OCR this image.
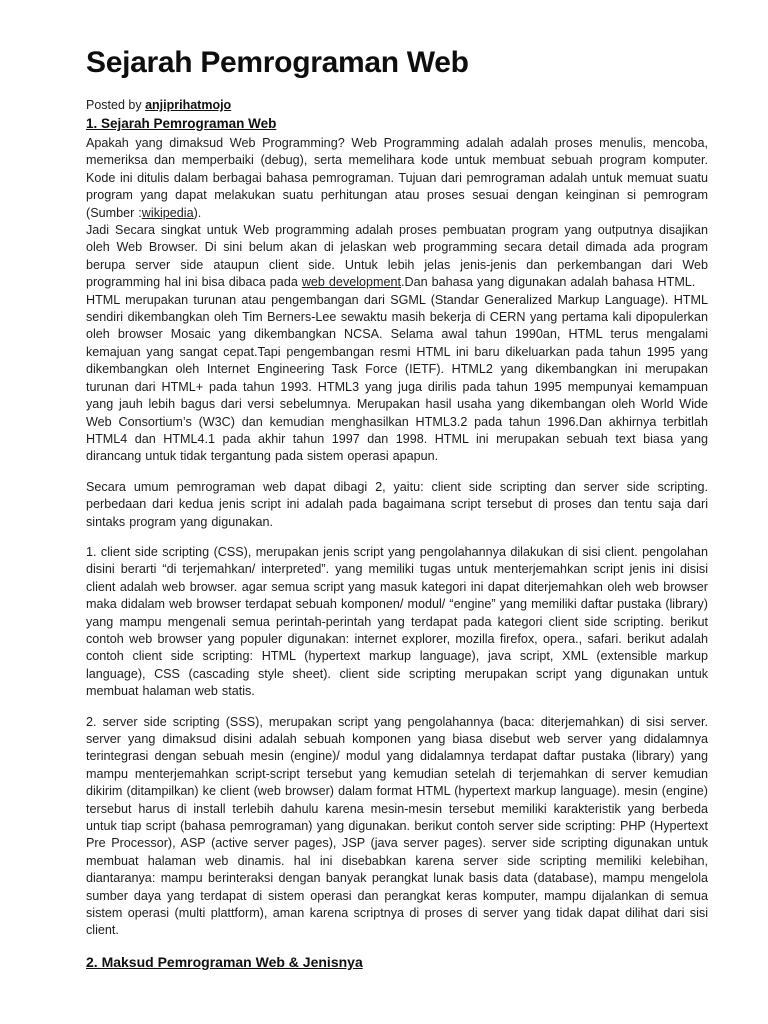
Sejarah Pemrograman Web
Posted by anjiprihatmojo
1. Sejarah Pemrograman Web

Apakah yang dimaksud Web Programming? Web Programming adalah adalah proses menulis, mencoba, memeriksa dan memperbaiki (debug), serta memelihara kode untuk membuat sebuah program komputer. Kode ini ditulis dalam berbagai bahasa pemrograman. Tujuan dari pemrograman adalah untuk memuat suatu program yang dapat melakukan suatu perhitungan atau proses sesuai dengan keinginan si pemrogram (Sumber :wikipedia).

Jadi Secara singkat untuk Web programming adalah proses pembuatan program yang outputnya disajikan oleh Web Browser. Di sini belum akan di jelaskan web programming secara detail dimada ada program berupa server side ataupun client side. Untuk lebih jelas jenis-jenis dan perkembangan dari Web programming hal ini bisa dibaca pada web development.Dan bahasa yang digunakan adalah bahasa HTML.

HTML merupakan turunan atau pengembangan dari SGML (Standar Generalized Markup Language). HTML sendiri dikembangkan oleh Tim Berners-Lee sewaktu masih bekerja di CERN yang pertama kali dipopulerkan oleh browser Mosaic yang dikembangkan NCSA. Selama awal tahun 1990an, HTML terus mengalami kemajuan yang sangat cepat.Tapi pengembangan resmi HTML ini baru dikeluarkan pada tahun 1995 yang dikembangkan oleh Internet Engineering Task Force (IETF). HTML2 yang dikembangkan ini merupakan turunan dari HTML+ pada tahun 1993. HTML3 yang juga dirilis pada tahun 1995 mempunyai kemampuan yang jauh lebih bagus dari versi sebelumnya. Merupakan hasil usaha yang dikembangan oleh World Wide Web Consortium’s (W3C) dan kemudian menghasilkan HTML3.2 pada tahun 1996.Dan akhirnya terbitlah HTML4 dan HTML4.1 pada akhir tahun 1997 dan 1998. HTML ini merupakan sebuah text biasa yang dirancang untuk tidak tergantung pada sistem operasi apapun.

Secara umum pemrograman web dapat dibagi 2, yaitu: client side scripting dan server side scripting. perbedaan dari kedua jenis script ini adalah pada bagaimana script tersebut di proses dan tentu saja dari sintaks program yang digunakan.

1. client side scripting (CSS), merupakan jenis script yang pengolahannya dilakukan di sisi client. pengolahan disini berarti “di terjemahkan/ interpreted”. yang memiliki tugas untuk menterjemahkan script jenis ini disisi client adalah web browser. agar semua script yang masuk kategori ini dapat diterjemahkan oleh web browser maka didalam web browser terdapat sebuah komponen/ modul/ “engine” yang memiliki daftar pustaka (library) yang mampu mengenali semua perintah-perintah yang terdapat pada kategori client side scripting. berikut contoh web browser yang populer digunakan: internet explorer, mozilla firefox, opera., safari. berikut adalah contoh client side scripting: HTML (hypertext markup language), java script, XML (extensible markup language), CSS (cascading style sheet). client side scripting merupakan script yang digunakan untuk membuat halaman web statis.

2. server side scripting (SSS), merupakan script yang pengolahannya (baca: diterjemahkan) di sisi server. server yang dimaksud disini adalah sebuah komponen yang biasa disebut web server yang didalamnya terintegrasi dengan sebuah mesin (engine)/ modul yang didalamnya terdapat daftar pustaka (library) yang mampu menterjemahkan script-script tersebut yang kemudian setelah di terjemahkan di server kemudian dikirim (ditampilkan) ke client (web browser) dalam format HTML (hypertext markup language). mesin (engine) tersebut harus di install terlebih dahulu karena mesin-mesin tersebut memiliki karakteristik yang berbeda untuk tiap script (bahasa pemrograman) yang digunakan. berikut contoh server side scripting: PHP (Hypertext Pre Processor), ASP (active server pages), JSP (java server pages). server side scripting digunakan untuk membuat halaman web dinamis. hal ini disebabkan karena server side scripting memiliki kelebihan, diantaranya: mampu berinteraksi dengan banyak perangkat lunak basis data (database), mampu mengelola sumber daya yang terdapat di sistem operasi dan perangkat keras komputer, mampu dijalankan di semua sistem operasi (multi plattform), aman karena scriptnya di proses di server yang tidak dapat dilihat dari sisi client.

2. Maksud Pemrograman Web & Jenisnya
